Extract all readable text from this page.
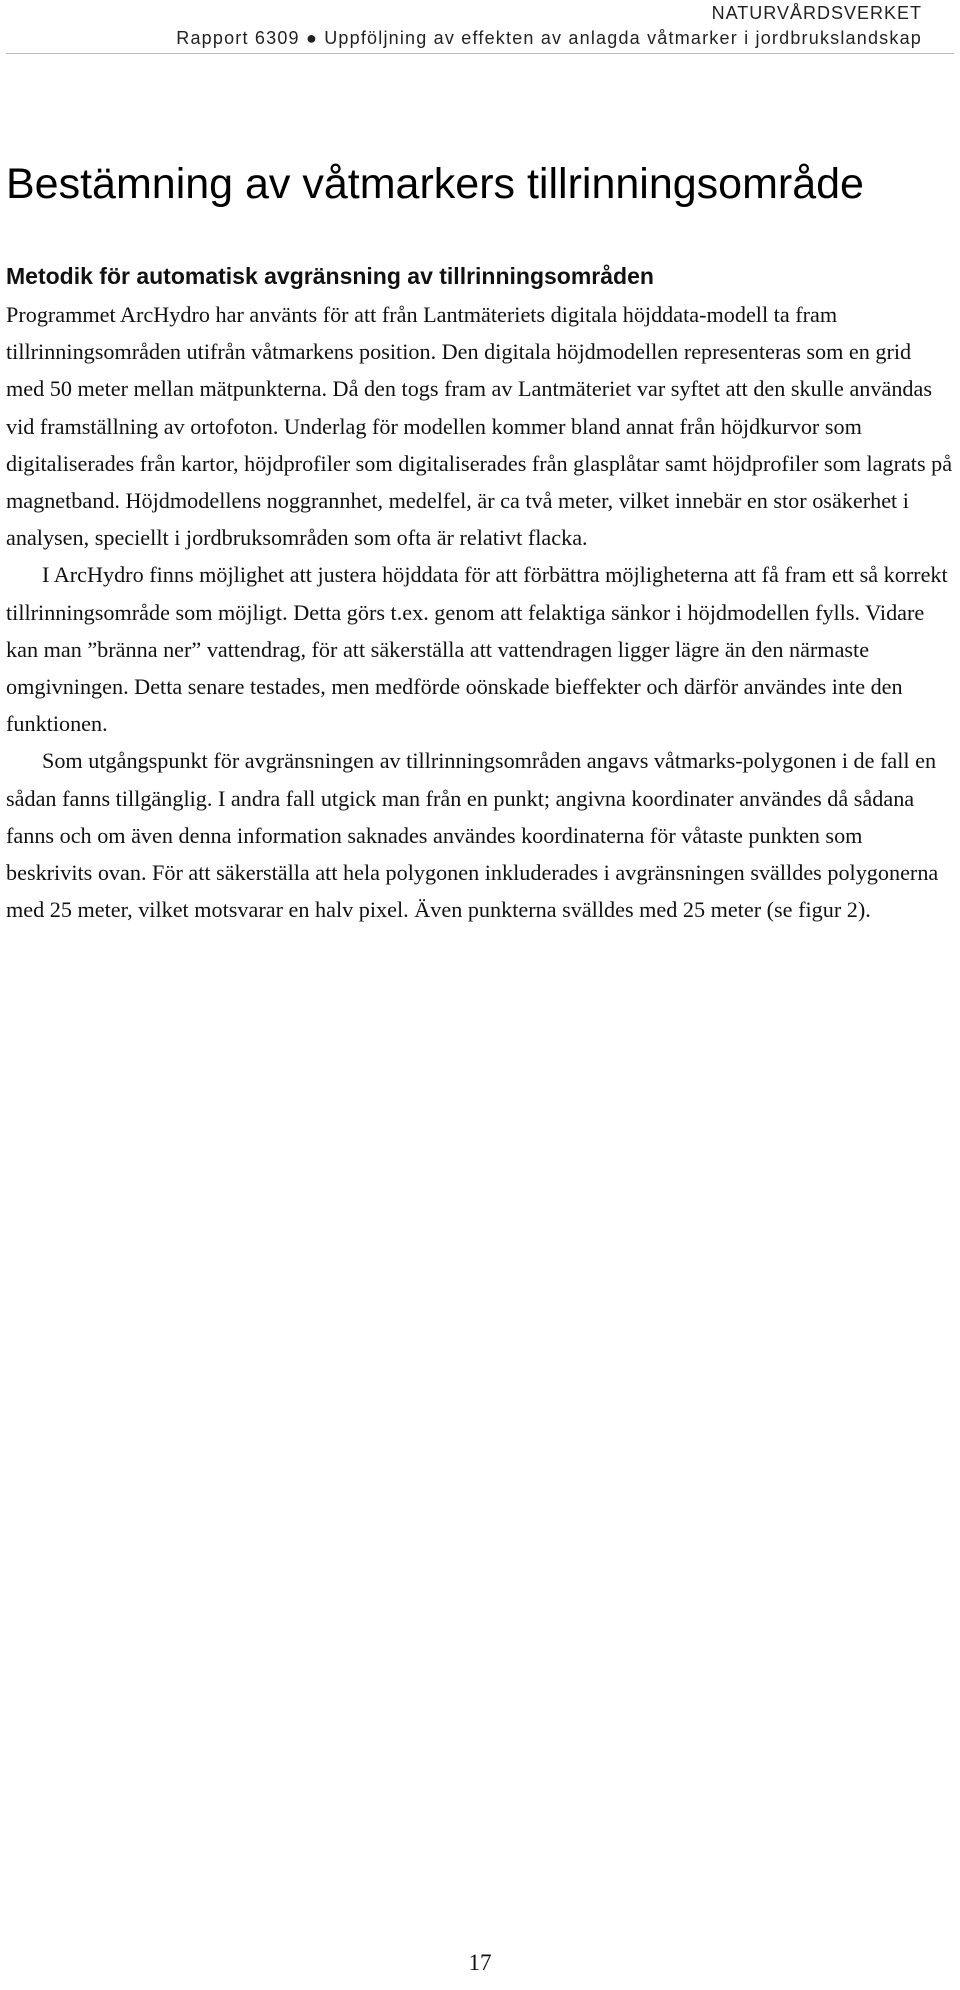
NATURVÅRDSVERKET
Rapport 6309 ● Uppföljning av effekten av anlagda våtmarker i jordbrukslandskap
Bestämning av våtmarkers tillrinningsområde
Metodik för automatisk avgränsning av tillrinningsområden

Programmet ArcHydro har använts för att från Lantmäteriets digitala höjddata-modell ta fram tillrinningsområden utifrån våtmarkens position. Den digitala höjdmodellen representeras som en grid med 50 meter mellan mätpunkterna. Då den togs fram av Lantmäteriet var syftet att den skulle användas vid framställning av ortofoton. Underlag för modellen kommer bland annat från höjdkurvor som digitaliserades från kartor, höjdprofiler som digitaliserades från glasplåtar samt höjdprofiler som lagrats på magnetband. Höjdmodellens noggrannhet, medelfel, är ca två meter, vilket innebär en stor osäkerhet i analysen, speciellt i jordbruksområden som ofta är relativt flacka.

I ArcHydro finns möjlighet att justera höjddata för att förbättra möjligheterna att få fram ett så korrekt tillrinningsområde som möjligt. Detta görs t.ex. genom att felaktiga sänkor i höjdmodellen fylls. Vidare kan man ”bränna ner” vattendrag, för att säkerställa att vattendragen ligger lägre än den närmaste omgivningen. Detta senare testades, men medförde oönskade bieffekter och därför användes inte den funktionen.

Som utgångspunkt för avgränsningen av tillrinningsområden angavs våtmarks-polygonen i de fall en sådan fanns tillgänglig. I andra fall utgick man från en punkt; angivna koordinater användes då sådana fanns och om även denna information saknades användes koordinaterna för våtaste punkten som beskrivits ovan. För att säkerställa att hela polygonen inkluderades i avgränsningen svälldes polygonerna med 25 meter, vilket motsvarar en halv pixel. Även punkterna svälldes med 25 meter (se figur 2).

17
